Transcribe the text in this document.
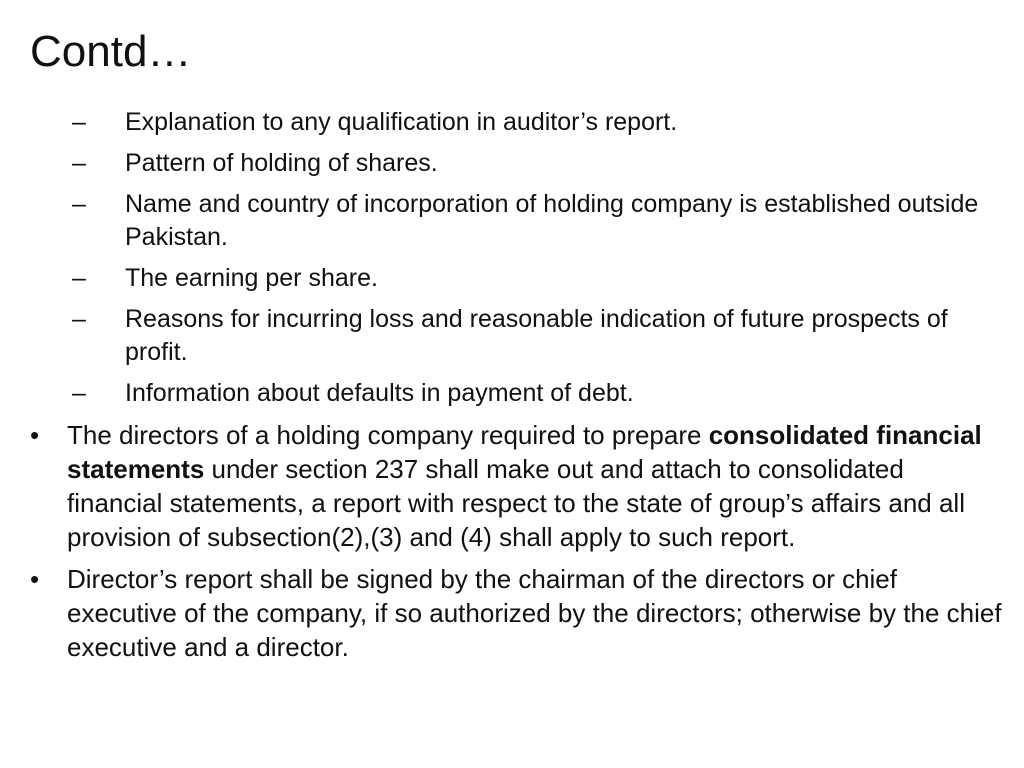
Contd…
–	Explanation to any qualification in auditor’s report.
–	Pattern of holding of shares.
–	Name and country of incorporation of holding company is established outside Pakistan.
–	The earning per share.
–	Reasons for incurring loss and reasonable indication of future prospects of profit.
–	Information about defaults in payment of debt.
•	The directors of a holding company required to prepare consolidated financial statements under section 237 shall make out and attach to consolidated financial statements, a report with respect to the state of group’s affairs and all provision of subsection(2),(3) and (4) shall apply to such report.
•	Director’s report shall be signed by the chairman of the directors or chief executive of the company, if so authorized by the directors; otherwise by the chief executive and a director.
